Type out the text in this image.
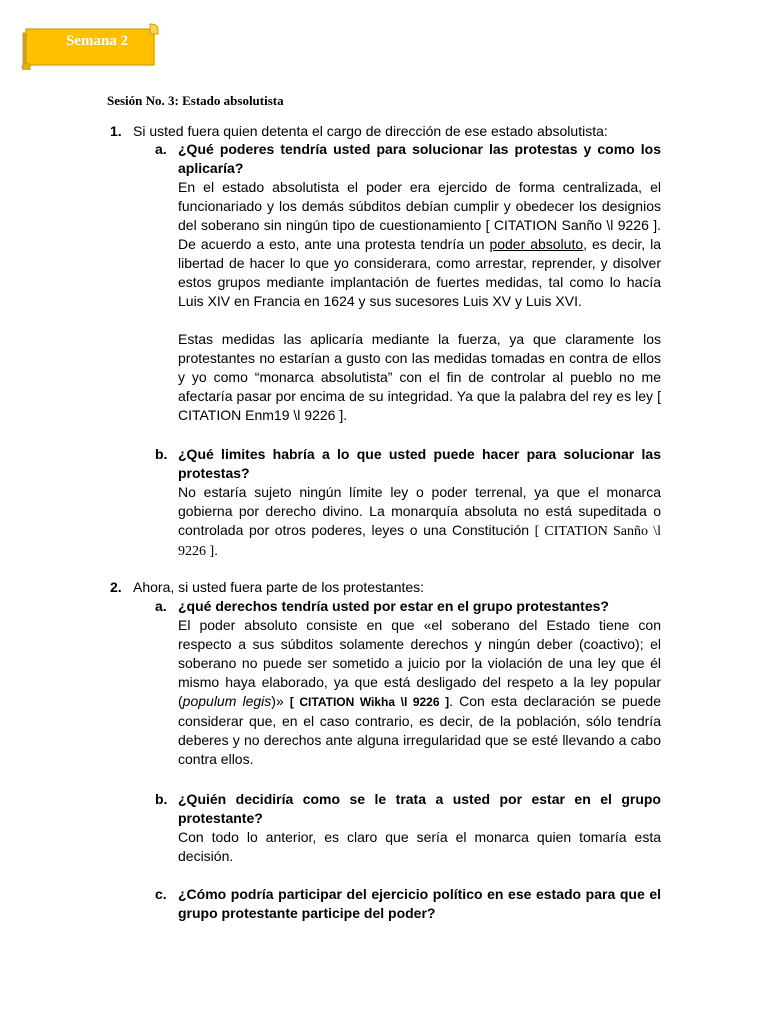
Semana 2
Sesión No. 3: Estado absolutista
1. Si usted fuera quien detenta el cargo de dirección de ese estado absolutista:
a. ¿Qué poderes tendría usted para solucionar las protestas y como los aplicaría?

En el estado absolutista el poder era ejercido de forma centralizada, el funcionariado y los demás súbditos debían cumplir y obedecer los designios del soberano sin ningún tipo de cuestionamiento [ CITATION Sanño \l 9226 ]. De acuerdo a esto, ante una protesta tendría un poder absoluto, es decir, la libertad de hacer lo que yo considerara, como arrestar, reprender, y disolver estos grupos mediante implantación de fuertes medidas, tal como lo hacía Luis XIV en Francia en 1624 y sus sucesores Luis XV y Luis XVI.

Estas medidas las aplicaría mediante la fuerza, ya que claramente los protestantes no estarían a gusto con las medidas tomadas en contra de ellos y yo como “monarca absolutista” con el fin de controlar al pueblo no me afectaría pasar por encima de su integridad. Ya que la palabra del rey es ley [ CITATION Enm19 \l 9226 ].

b. ¿Qué limites habría a lo que usted puede hacer para solucionar las protestas?
No estaría sujeto ningún límite ley o poder terrenal, ya que el monarca gobierna por derecho divino. La monarquía absoluta no está supeditada o controlada por otros poderes, leyes o una Constitución [ CITATION Sanño \l 9226 ].
2. Ahora, si usted fuera parte de los protestantes:
a. ¿qué derechos tendría usted por estar en el grupo protestantes?
El poder absoluto consiste en que «el soberano del Estado tiene con respecto a sus súbditos solamente derechos y ningún deber (coactivo); el soberano no puede ser sometido a juicio por la violación de una ley que él mismo haya elaborado, ya que está desligado del respeto a la ley popular (populum legis)» [ CITATION Wikha \l 9226 ]. Con esta declaración se puede considerar que, en el caso contrario, es decir, de la población, sólo tendría deberes y no derechos ante alguna irregularidad que se esté llevando a cabo contra ellos.
b. ¿Quién decidiría como se le trata a usted por estar en el grupo protestante?
Con todo lo anterior, es claro que sería el monarca quien tomaría esta decisión.
c. ¿Cómo podría participar del ejercicio político en ese estado para que el grupo protestante participe del poder?
